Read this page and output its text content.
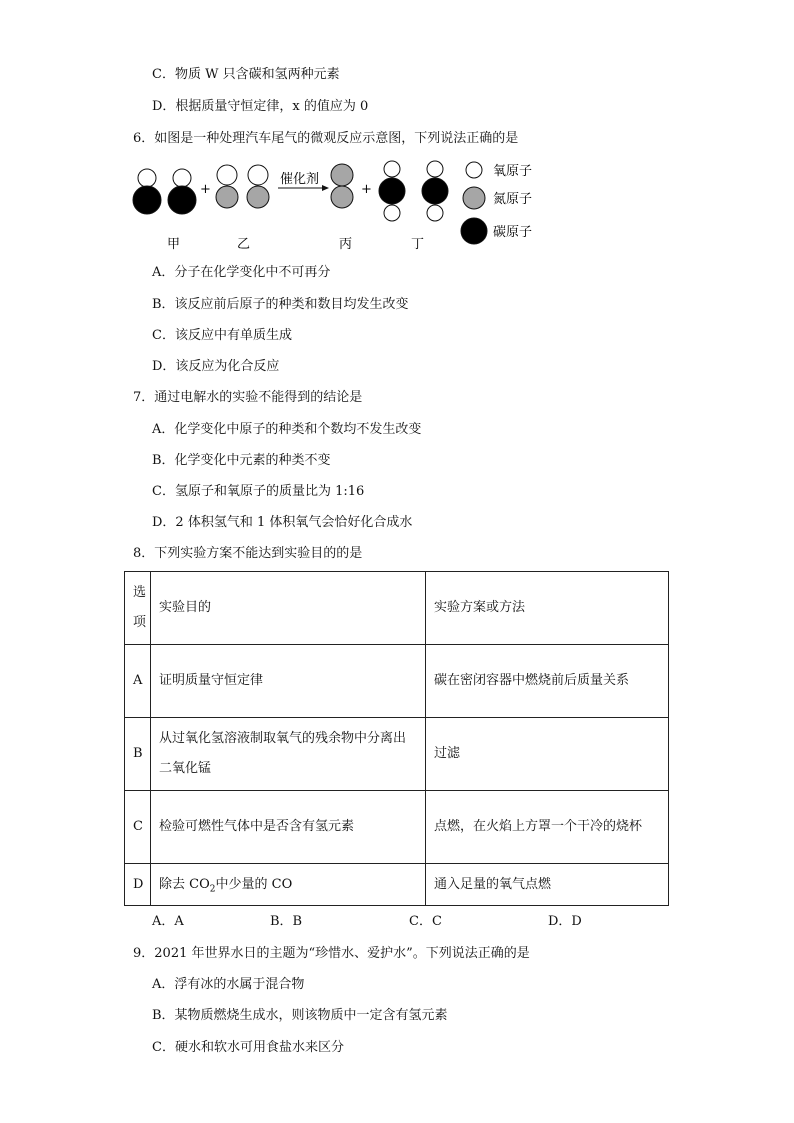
C．物质 W 只含碳和氢两种元素
D．根据质量守恒定律，x 的值应为 0
6．如图是一种处理汽车尾气的微观反应示意图，下列说法正确的是
+
催化剂
+
氧原子
氮原子
碳原子
甲	乙	丙	丁
A．分子在化学变化中不可再分
B．该反应前后原子的种类和数目均发生改变
C．该反应中有单质生成
D．该反应为化合反应
7．通过电解水的实验不能得到的结论是
A．化学变化中原子的种类和个数均不发生改变
B．化学变化中元素的种类不变
C．氢原子和氧原子的质量比为 1:16
D．2 体积氢气和 1 体积氧气会恰好化合成水
8．下列实验方案不能达到实验目的的是
选项	实验目的	实验方案或方法
A	证明质量守恒定律	碳在密闭容器中燃烧前后质量关系
B	从过氧化氢溶液制取氧气的残余物中分离出二氧化锰	过滤
C	检验可燃性气体中是否含有氢元素	点燃，在火焰上方罩一个干冷的烧杯
D	除去 $CO_2$中少量的 CO	通入足量的氧气点燃
A．A	B．B	C．C	D．D
9．2021 年世界水日的主题为“珍惜水、爱护水”。下列说法正确的是
A．浮有冰的水属于混合物
B．某物质燃烧生成水，则该物质中一定含有氢元素
C．硬水和软水可用食盐水来区分
